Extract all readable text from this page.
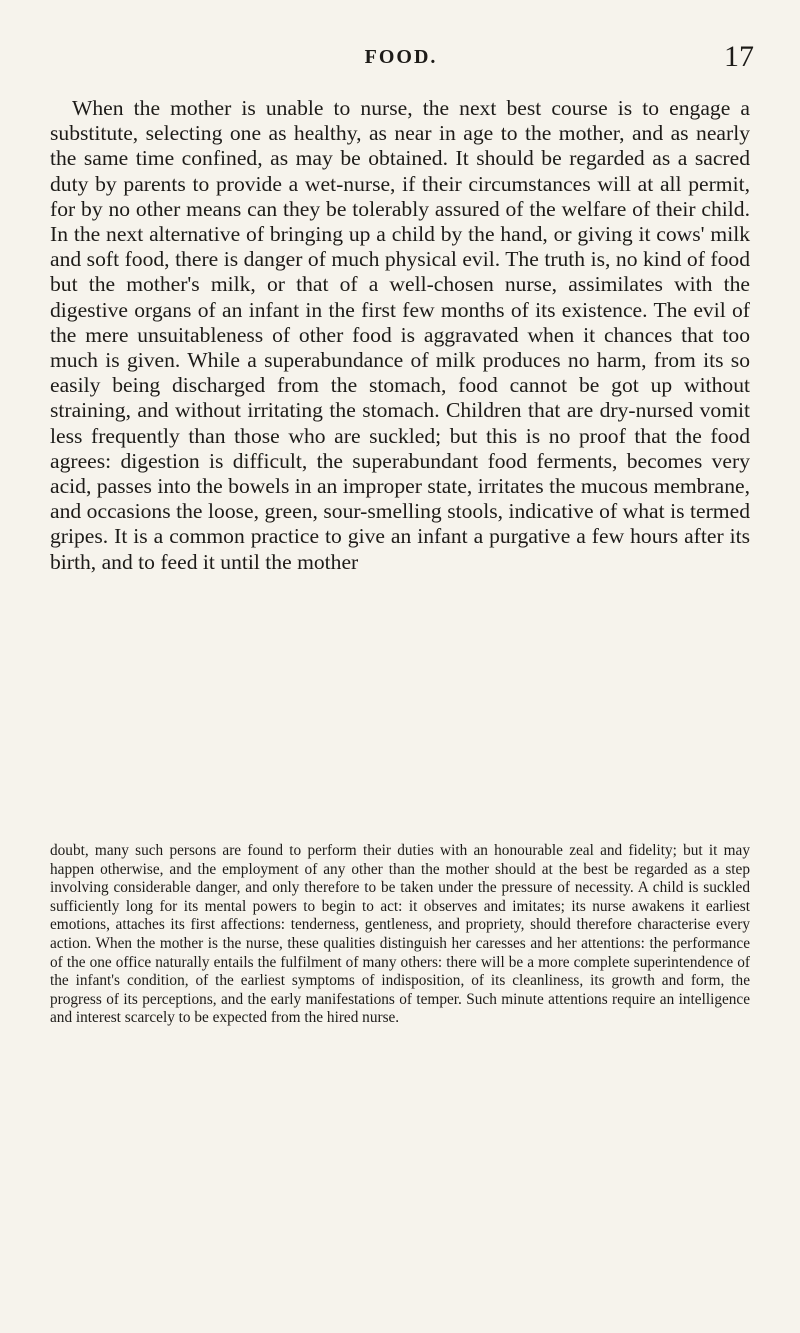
FOOD.	17

When the mother is unable to nurse, the next best course is to engage a substitute, selecting one as healthy, as near in age to the mother, and as nearly the same time confined, as may be obtained. It should be regarded as a sacred duty by parents to provide a wet-nurse, if their circumstances will at all permit, for by no other means can they be tolerably assured of the welfare of their child. In the next alternative of bringing up a child by the hand, or giving it cows' milk and soft food, there is danger of much physical evil. The truth is, no kind of food but the mother's milk, or that of a well-chosen nurse, assimilates with the digestive organs of an infant in the first few months of its existence. The evil of the mere unsuitableness of other food is aggravated when it chances that too much is given. While a superabundance of milk produces no harm, from its so easily being discharged from the stomach, food cannot be got up without straining, and without irritating the stomach. Children that are dry-nursed vomit less frequently than those who are suckled; but this is no proof that the food agrees: digestion is difficult, the superabundant food ferments, becomes very acid, passes into the bowels in an improper state, irritates the mucous membrane, and occasions the loose, green, sour-smelling stools, indicative of what is termed gripes. It is a common practice to give an infant a purgative a few hours after its birth, and to feed it until the mother

doubt, many such persons are found to perform their duties with an honourable zeal and fidelity; but it may happen otherwise, and the employment of any other than the mother should at the best be regarded as a step involving considerable danger, and only therefore to be taken under the pressure of necessity. A child is suckled sufficiently long for its mental powers to begin to act: it observes and imitates; its nurse awakens it earliest emotions, attaches its first affections: tenderness, gentleness, and propriety, should therefore characterise every action. When the mother is the nurse, these qualities distinguish her caresses and her attentions: the performance of the one office naturally entails the fulfilment of many others: there will be a more complete superintendence of the infant's condition, of the earliest symptoms of indisposition, of its cleanliness, its growth and form, the progress of its perceptions, and the early manifestations of temper. Such minute attentions require an intelligence and interest scarcely to be expected from the hired nurse.
